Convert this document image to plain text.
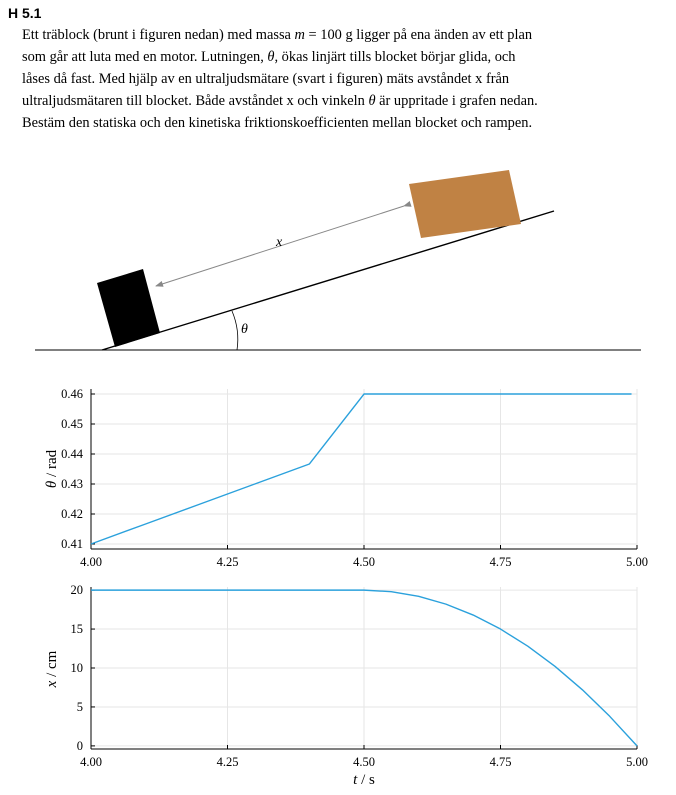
H 5.1

Ett träblock (brunt i figuren nedan) med massa m = 100 g ligger på ena änden av ett plan

som går att luta med en motor. Lutningen, θ, ökas linjärt tills blocket börjar glida, och

låses då fast. Med hjälp av en ultraljudsmätare (svart i figuren) mäts avståndet x från

ultraljudsmätaren till blocket. Både avståndet x och vinkeln θ är uppritade i grafen nedan.

Bestäm den statiska och den kinetiska friktionskoefficienten mellan blocket och rampen.

x
θ
4.00	4.25	4.50	4.75	5.00
0.41
0.42
0.43
0.44
0.45
0.46
θ / rad
4.00	4.25	4.50	4.75	5.00
0
5
10
15
20
x / cm
t / s
